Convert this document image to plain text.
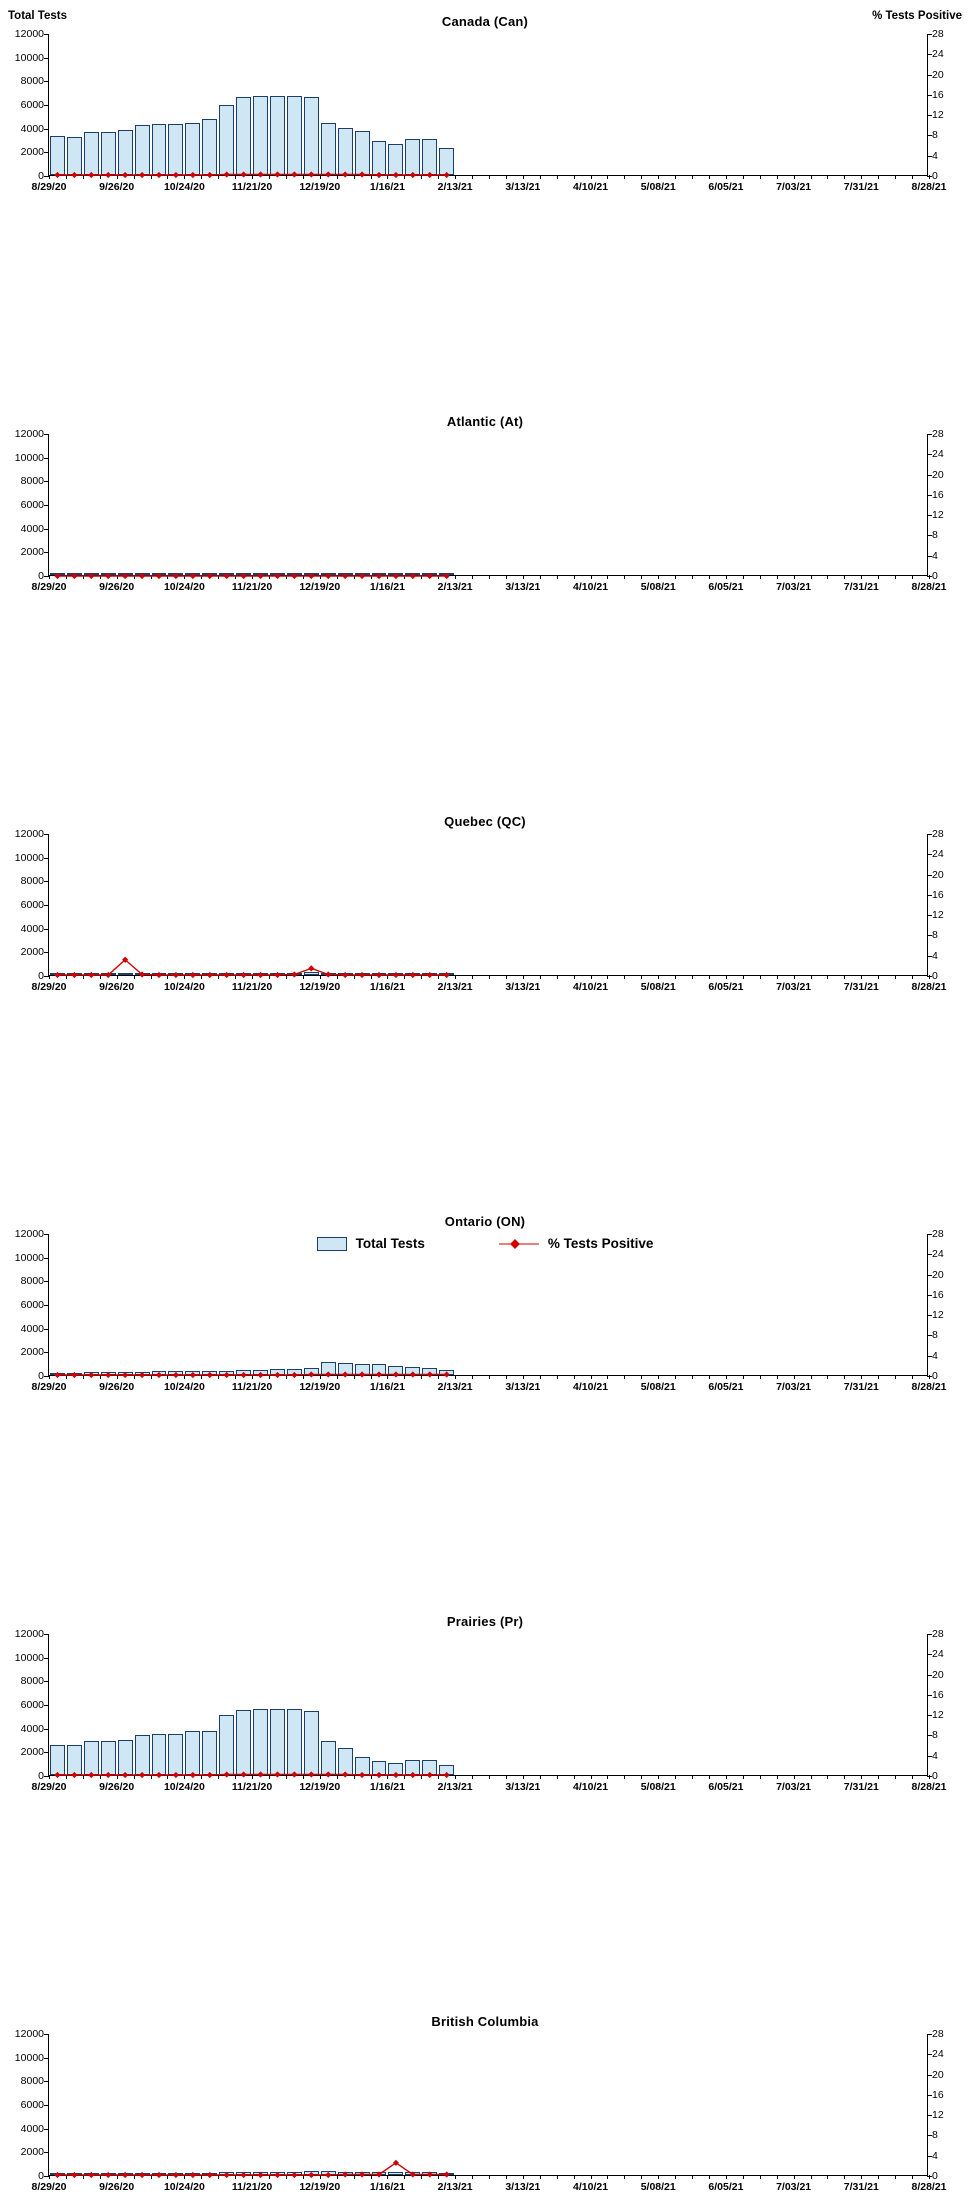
Canada (Can)
Total Tests	% Tests Positive
0
2000
4000
6000
8000
10000
12000
0
4
8
12
16
20
24
28
8/29/20	9/26/20	10/24/20	11/21/20	12/19/20	1/16/21	2/13/21	3/13/21	4/10/21	5/08/21	6/05/21	7/03/21	7/31/21	8/28/21
Atlantic (At)
0
2000
4000
6000
8000
10000
12000
0
4
8
12
16
20
24
28
8/29/20	9/26/20	10/24/20	11/21/20	12/19/20	1/16/21	2/13/21	3/13/21	4/10/21	5/08/21	6/05/21	7/03/21	7/31/21	8/28/21
Quebec (QC)
0
2000
4000
6000
8000
10000
12000
0
4
8
12
16
20
24
28
8/29/20	9/26/20	10/24/20	11/21/20	12/19/20	1/16/21	2/13/21	3/13/21	4/10/21	5/08/21	6/05/21	7/03/21	7/31/21	8/28/21
Ontario (ON)
0
2000
4000
6000
8000
10000
12000
0
4
8
12
16
20
24
28
8/29/20	9/26/20	10/24/20	11/21/20	12/19/20	1/16/21	2/13/21	3/13/21	4/10/21	5/08/21	6/05/21	7/03/21	7/31/21	8/28/21
Prairies (Pr)
0
2000
4000
6000
8000
10000
12000
0
4
8
12
16
20
24
28
8/29/20	9/26/20	10/24/20	11/21/20	12/19/20	1/16/21	2/13/21	3/13/21	4/10/21	5/08/21	6/05/21	7/03/21	7/31/21	8/28/21
British Columbia
0
2000
4000
6000
8000
10000
12000
0
4
8
12
16
20
24
28
8/29/20	9/26/20	10/24/20	11/21/20	12/19/20	1/16/21	2/13/21	3/13/21	4/10/21	5/08/21	6/05/21	7/03/21	7/31/21	8/28/21
Total Tests	% Tests Positive
